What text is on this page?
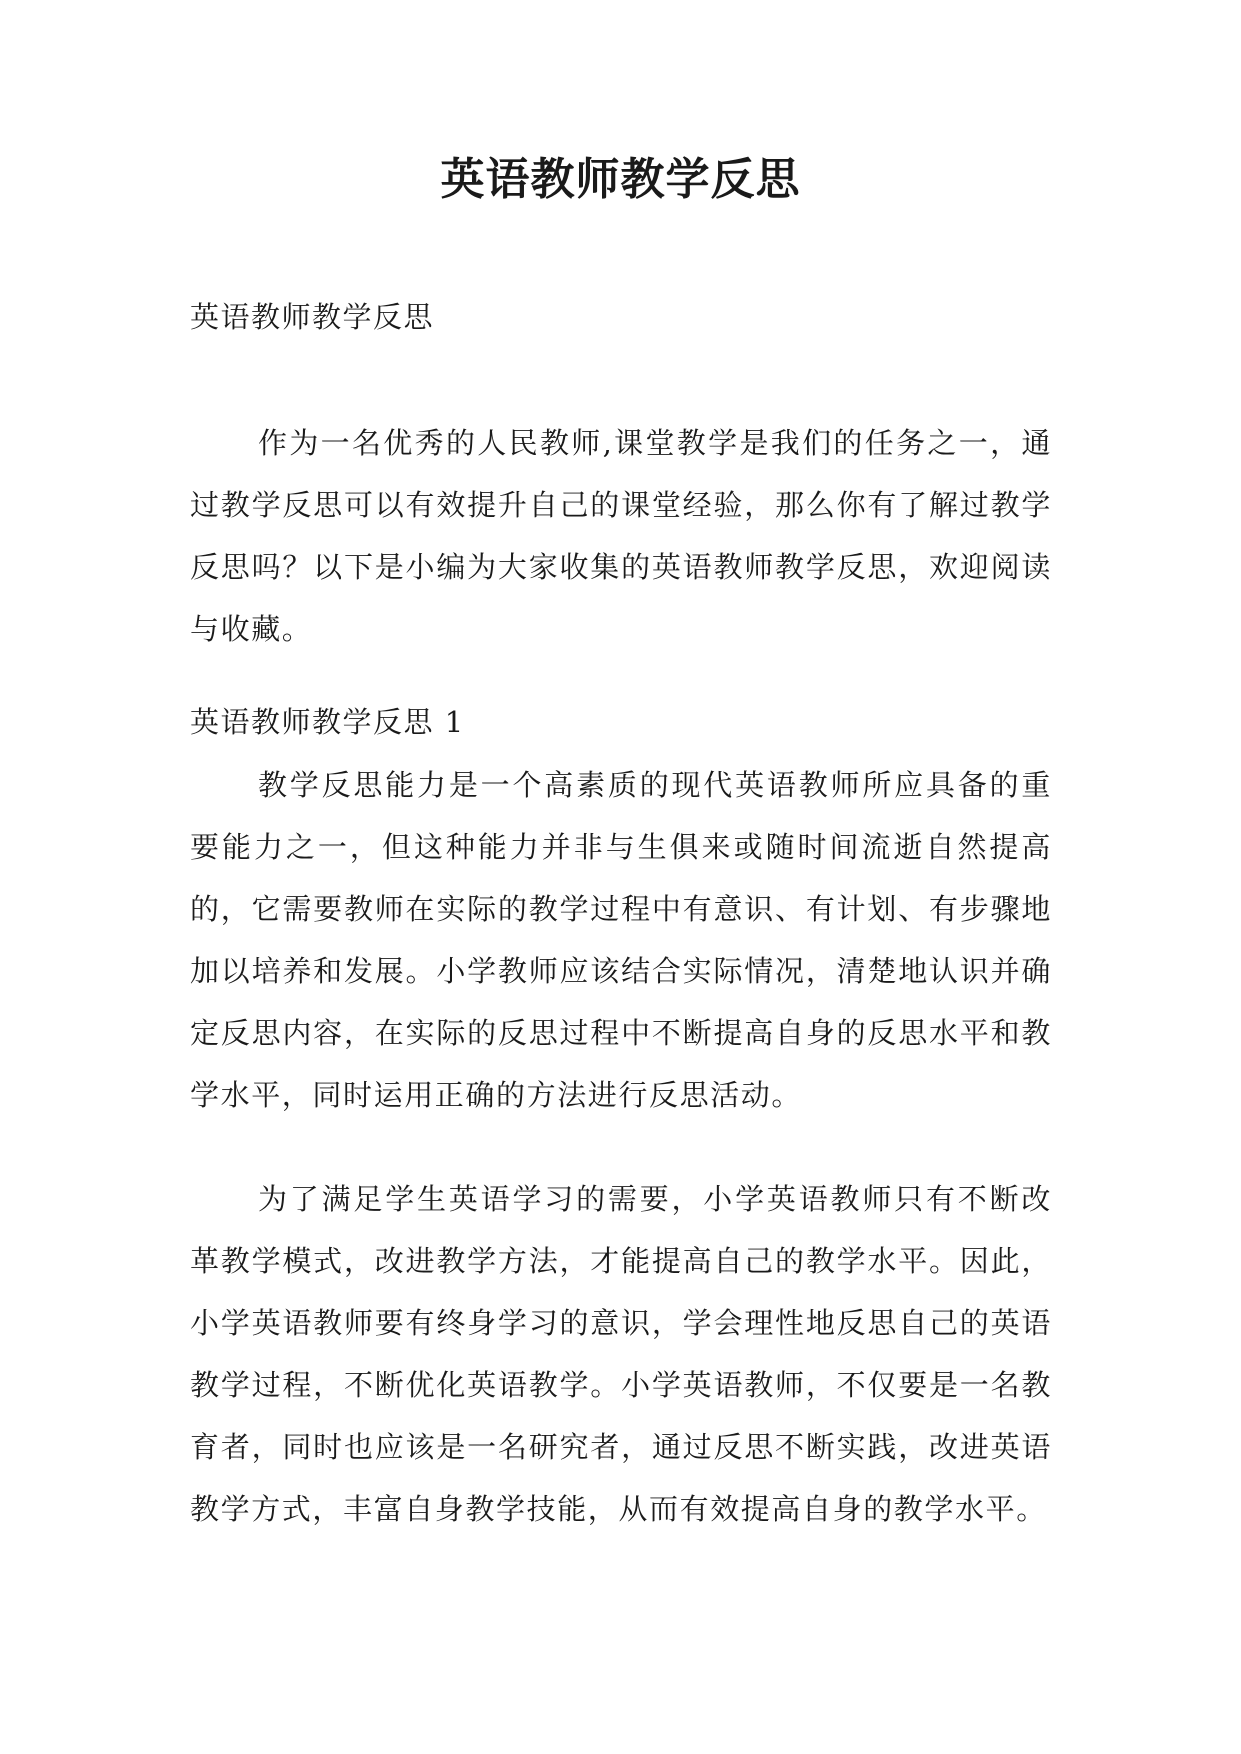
英语教师教学反思
英语教师教学反思

作为一名优秀的人民教师,课堂教学是我们的任务之一，通过教学反思可以有效提升自己的课堂经验，那么你有了解过教学反思吗？以下是小编为大家收集的英语教师教学反思，欢迎阅读与收藏。

英语教师教学反思 1

教学反思能力是一个高素质的现代英语教师所应具备的重要能力之一，但这种能力并非与生俱来或随时间流逝自然提高的，它需要教师在实际的教学过程中有意识、有计划、有步骤地加以培养和发展。小学教师应该结合实际情况，清楚地认识并确定反思内容，在实际的反思过程中不断提高自身的反思水平和教学水平，同时运用正确的方法进行反思活动。

为了满足学生英语学习的需要，小学英语教师只有不断改革教学模式，改进教学方法，才能提高自己的教学水平。因此，小学英语教师要有终身学习的意识，学会理性地反思自己的英语教学过程，不断优化英语教学。小学英语教师，不仅要是一名教育者，同时也应该是一名研究者，通过反思不断实践，改进英语教学方式，丰富自身教学技能，从而有效提高自身的教学水平。
